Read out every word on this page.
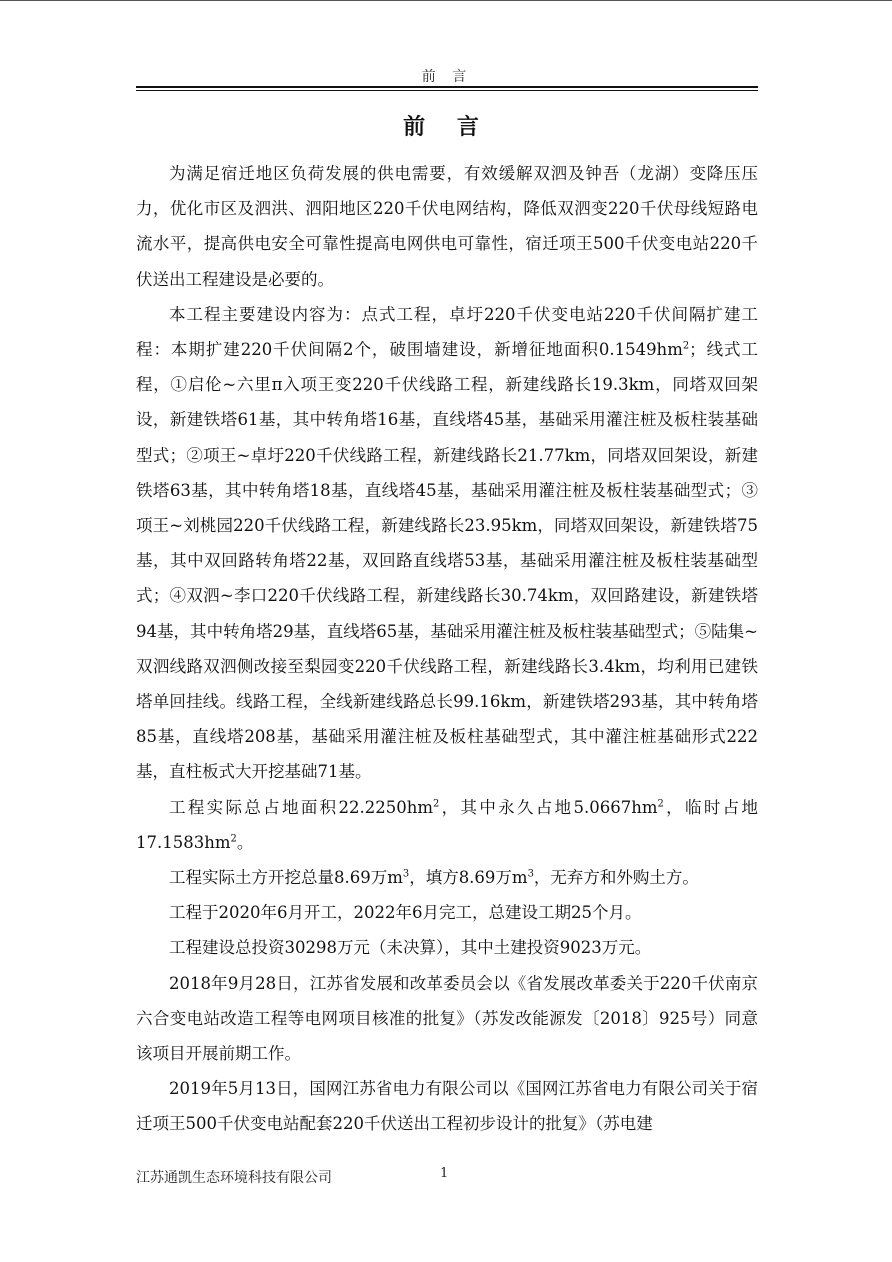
前 言
前 言

为满足宿迁地区负荷发展的供电需要，有效缓解双泗及钟吾（龙湖）变降压压力，优化市区及泗洪、泗阳地区220千伏电网结构，降低双泗变220千伏母线短路电流水平，提高供电安全可靠性提高电网供电可靠性，宿迁项王500千伏变电站220千伏送出工程建设是必要的。

本工程主要建设内容为：点式工程，卓圩220千伏变电站220千伏间隔扩建工程：本期扩建220千伏间隔2个，破围墙建设，新增征地面积$0.1549hm^2$；线式工程，①启伦~六里π入项王变220千伏线路工程，新建线路长19.3km，同塔双回架设，新建铁塔61基，其中转角塔16基，直线塔45基，基础采用灌注桩及板柱装基础型式；②项王~卓圩220千伏线路工程，新建线路长21.77km，同塔双回架设，新建铁塔63基，其中转角塔18基，直线塔45基，基础采用灌注桩及板柱装基础型式；③项王~刘桃园220千伏线路工程，新建线路长23.95km，同塔双回架设，新建铁塔75基，其中双回路转角塔22基，双回路直线塔53基，基础采用灌注桩及板柱装基础型式；④双泗~李口220千伏线路工程，新建线路长30.74km，双回路建设，新建铁塔94基，其中转角塔29基，直线塔65基，基础采用灌注桩及板柱装基础型式；⑤陆集~双泗线路双泗侧改接至梨园变220千伏线路工程，新建线路长3.4km，均利用已建铁塔单回挂线。线路工程，全线新建线路总长99.16km，新建铁塔293基，其中转角塔85基，直线塔208基，基础采用灌注桩及板柱基础型式，其中灌注桩基础形式222基，直柱板式大开挖基础71基。

工程实际总占地面积$22.2250hm^2$，其中永久占地$5.0667hm^2$，临时占地$17.1583hm^2$。

工程实际土方开挖总量8.69万$m^3$，填方8.69万$m^3$，无弃方和外购土方。

工程于2020年6月开工，2022年6月完工，总建设工期25个月。

工程建设总投资30298万元（未决算），其中土建投资9023万元。

2018年9月28日，江苏省发展和改革委员会以《省发展改革委关于220千伏南京六合变电站改造工程等电网项目核准的批复》（苏发改能源发〔2018〕925号）同意该项目开展前期工作。

2019年5月13日，国网江苏省电力有限公司以《国网江苏省电力有限公司关于宿迁项王500千伏变电站配套220千伏送出工程初步设计的批复》（苏电建

江苏通凯生态环境科技有限公司	1
